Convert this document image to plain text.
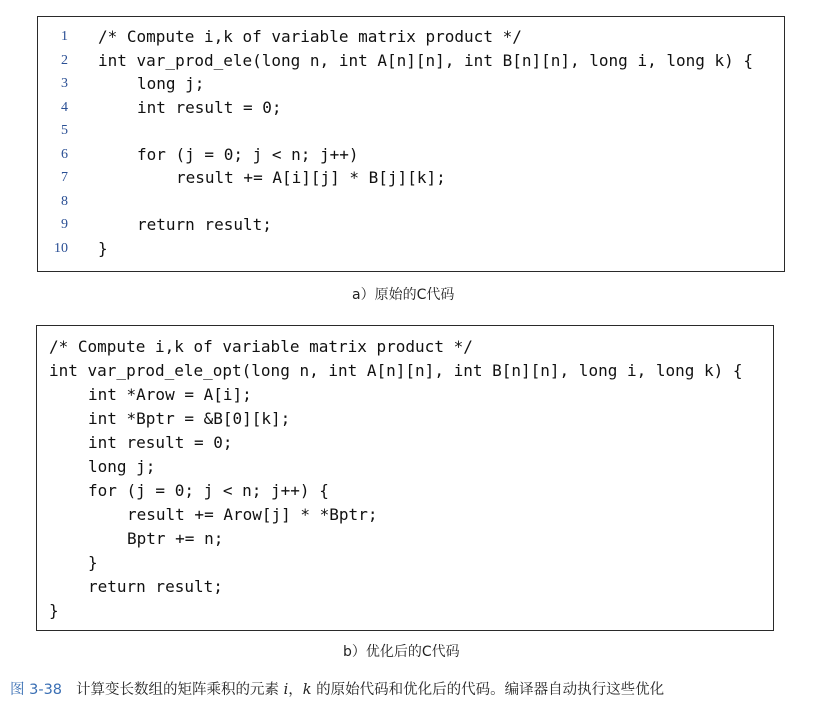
1 /* Compute i,k of variable matrix product */
2 int var_prod_ele(long n, int A[n][n], int B[n][n], long i, long k) {
3	long j;
4	int result = 0;
5
6	for (j = 0; j < n; j++)
7	result += A[i][j] * B[j][k];
8
9	return result;
10 }
a）原始的C代码
/* Compute i,k of variable matrix product */
int var_prod_ele_opt(long n, int A[n][n], int B[n][n], long i, long k) {
int *Arow = A[i];
int *Bptr = &B[0][k];
int result = 0;
long j;
for (j = 0; j < n; j++) {
result += Arow[j] * *Bptr;
Bptr += n;
}
return result;
}
b）优化后的C代码
图 3-38 计算变长数组的矩阵乘积的元素 i，k 的原始代码和优化后的代码。编译器自动执行这些优化
